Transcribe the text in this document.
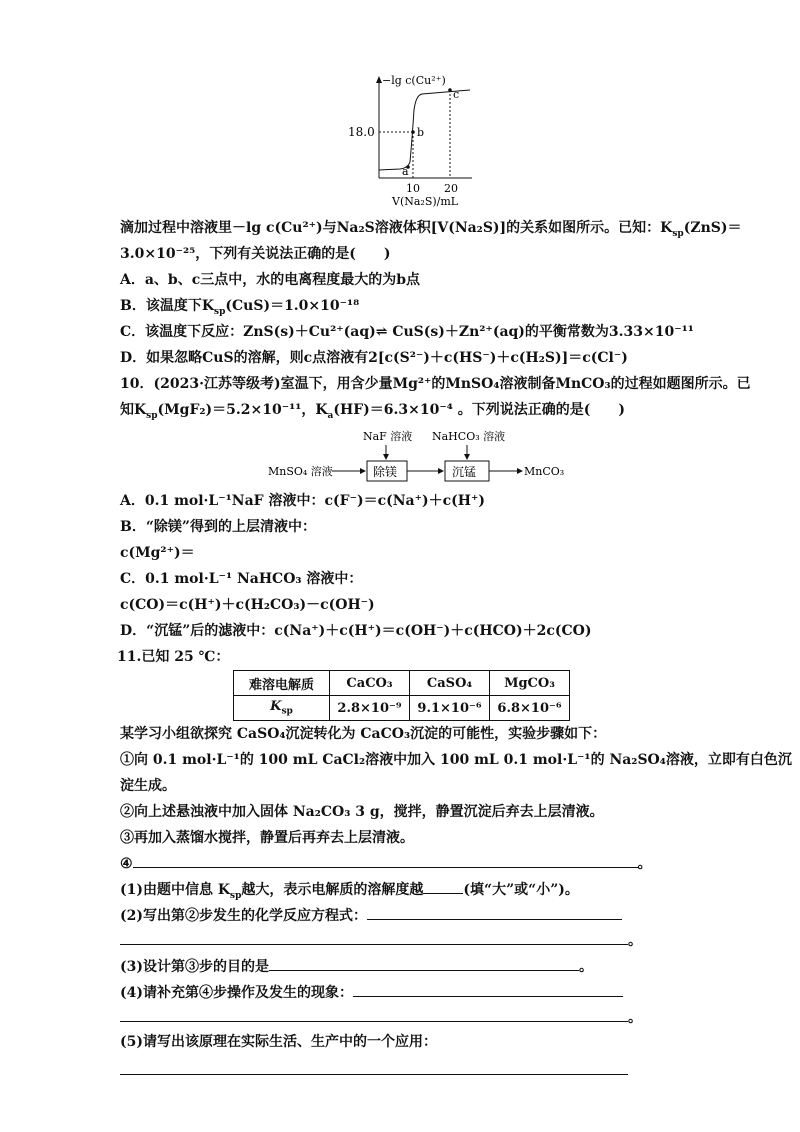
−lg c(Cu²⁺)
18.0
10 20
V(Na₂S)/mL
a
b
c
滴加过程中溶液里－lg c(Cu²⁺)与Na₂S溶液体积[V(Na₂S)]的关系如图所示。已知：$K_{sp}(ZnS)=$
3.0×10⁻²⁵，下列有关说法正确的是(　　)
A．a、b、c三点中，水的电离程度最大的为b点
B．该温度下$K_{sp}(CuS)=1.0\times 10^{-18}$
C．该温度下反应：ZnS(s)＋Cu²⁺(aq)⇌ CuS(s)＋Zn²⁺(aq)的平衡常数为3.33×10⁻¹¹
D．如果忽略CuS的溶解，则c点溶液有2[c(S²⁻)＋c(HS⁻)＋c(H₂S)]＝c(Cl⁻)
10．(2023·江苏等级考)室温下，用含少量Mg²⁺的MnSO₄溶液制备MnCO₃的过程如题图所示。已
知$K_{sp}(MgF_2)=5.2\times 10^{-11}$，$K_a(HF)=6.3\times 10^{-4}$ 。下列说法正确的是(　　)
NaF 溶液 NaHCO₃ 溶液
MnSO₄ 溶液	除镁	沉锰	MnCO₃
A．0.1 mol·L⁻¹NaF 溶液中：c(F⁻)＝c(Na⁺)＋c(H⁺)
B．“除镁”得到的上层清液中：
c(Mg²⁺)＝
C．0.1 mol·L⁻¹ NaHCO₃ 溶液中：
c(CO)＝c(H⁺)＋c(H₂CO₃)－c(OH⁻)
D．“沉锰”后的滤液中：c(Na⁺)＋c(H⁺)＝c(OH⁻)＋c(HCO)＋2c(CO)
11.已知 25 ℃：
难溶电解质	CaCO₃	CaSO₄	MgCO₃
$K_{sp}$	2.8×10⁻⁹	9.1×10⁻⁶	6.8×10⁻⁶
某学习小组欲探究 CaSO₄沉淀转化为 CaCO₃沉淀的可能性，实验步骤如下：
①向 0.1 mol·L⁻¹的 100 mL CaCl₂溶液中加入 100 mL 0.1 mol·L⁻¹的 Na₂SO₄溶液，立即有白色沉
淀生成。
②向上述悬浊液中加入固体 Na₂CO₃ 3 g，搅拌，静置沉淀后弃去上层清液。
③再加入蒸馏水搅拌，静置后再弃去上层清液。
④	。
(1)由题中信息 $K_{sp}$越大，表示电解质的溶解度越	(填“大”或“小”)。
(2)写出第②步发生的化学反应方程式：
。
(3)设计第③步的目的是	。
(4)请补充第④步操作及发生的现象：
。
(5)请写出该原理在实际生活、生产中的一个应用：
